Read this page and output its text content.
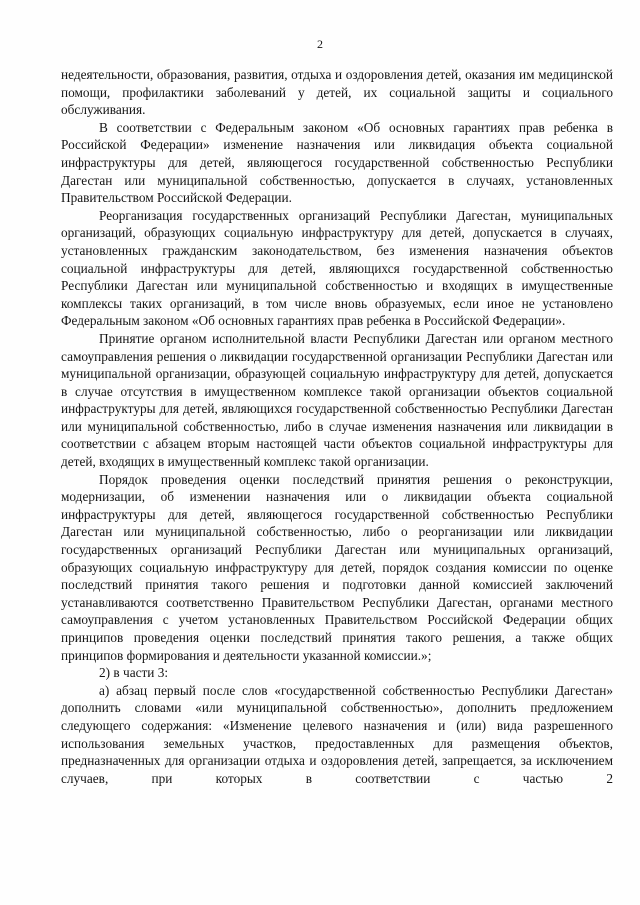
2

недеятельности, образования, развития, отдыха и оздоровления детей, оказания им медицинской помощи, профилактики заболеваний у детей, их социальной защиты и социального обслуживания.

В соответствии с Федеральным законом «Об основных гарантиях прав ребенка в Российской Федерации» изменение назначения или ликвидация объекта социальной инфраструктуры для детей, являющегося государственной собственностью Республики Дагестан или муниципальной собственностью, допускается в случаях, установленных Правительством Российской Федерации.

Реорганизация государственных организаций Республики Дагестан, муниципальных организаций, образующих социальную инфраструктуру для детей, допускается в случаях, установленных гражданским законодательством, без изменения назначения объектов социальной инфраструктуры для детей, являющихся государственной собственностью Республики Дагестан или муниципальной собственностью и входящих в имущественные комплексы таких организаций, в том числе вновь образуемых, если иное не установлено Федеральным законом «Об основных гарантиях прав ребенка в Российской Федерации».

Принятие органом исполнительной власти Республики Дагестан или органом местного самоуправления решения о ликвидации государственной организации Республики Дагестан или муниципальной организации, образующей социальную инфраструктуру для детей, допускается в случае отсутствия в имущественном комплексе такой организации объектов социальной инфраструктуры для детей, являющихся государственной собственностью Республики Дагестан или муниципальной собственностью, либо в случае изменения назначения или ликвидации в соответствии с абзацем вторым настоящей части объектов социальной инфраструктуры для детей, входящих в имущественный комплекс такой организации.

Порядок проведения оценки последствий принятия решения о реконструкции, модернизации, об изменении назначения или о ликвидации объекта социальной инфраструктуры для детей, являющегося государственной собственностью Республики Дагестан или муниципальной собственностью, либо о реорганизации или ликвидации государственных организаций Республики Дагестан или муниципальных организаций, образующих социальную инфраструктуру для детей, порядок создания комиссии по оценке последствий принятия такого решения и подготовки данной комиссией заключений устанавливаются соответственно Правительством Республики Дагестан, органами местного самоуправления с учетом установленных Правительством Российской Федерации общих принципов проведения оценки последствий принятия такого решения, а также общих принципов формирования и деятельности указанной комиссии.»;

2) в части 3:

а) абзац первый после слов «государственной собственностью Республики Дагестан» дополнить словами «или муниципальной собственностью», дополнить предложением следующего содержания: «Изменение целевого назначения и (или) вида разрешенного использования земельных участков, предоставленных для размещения объектов, предназначенных для организации отдыха и оздоровления детей, запрещается, за исключением случаев, при которых в соответствии с частью 2
